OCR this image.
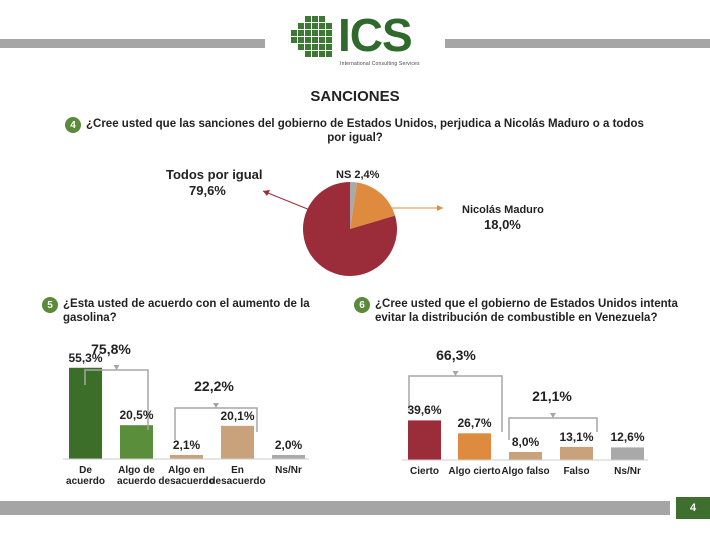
ICS
International Consulting Services
SANCIONES
4 ¿Cree usted que las sanciones del gobierno de Estados Unidos, perjudica a Nicolás Maduro o a todos
por igual?
Todos por igual
79,6%
NS 2,4%
Nicolás Maduro
18,0%
5 ¿Esta usted de acuerdo con el aumento de la
gasolina?
6 ¿Cree usted que el gobierno de Estados Unidos intenta
evitar la distribución de combustible en Venezuela?
75,8%
22,2%
55,3%
20,5%
2,1%
20,1%
2,0%
De
acuerdo
Algo de
acuerdo
Algo en
desacuerdo
En
desacuerdo
Ns/Nr
66,3%
21,1%
39,6%
26,7%
8,0%	13,1%	12,6%
Cierto Algo cierto Algo falso	Falso	Ns/Nr
4
